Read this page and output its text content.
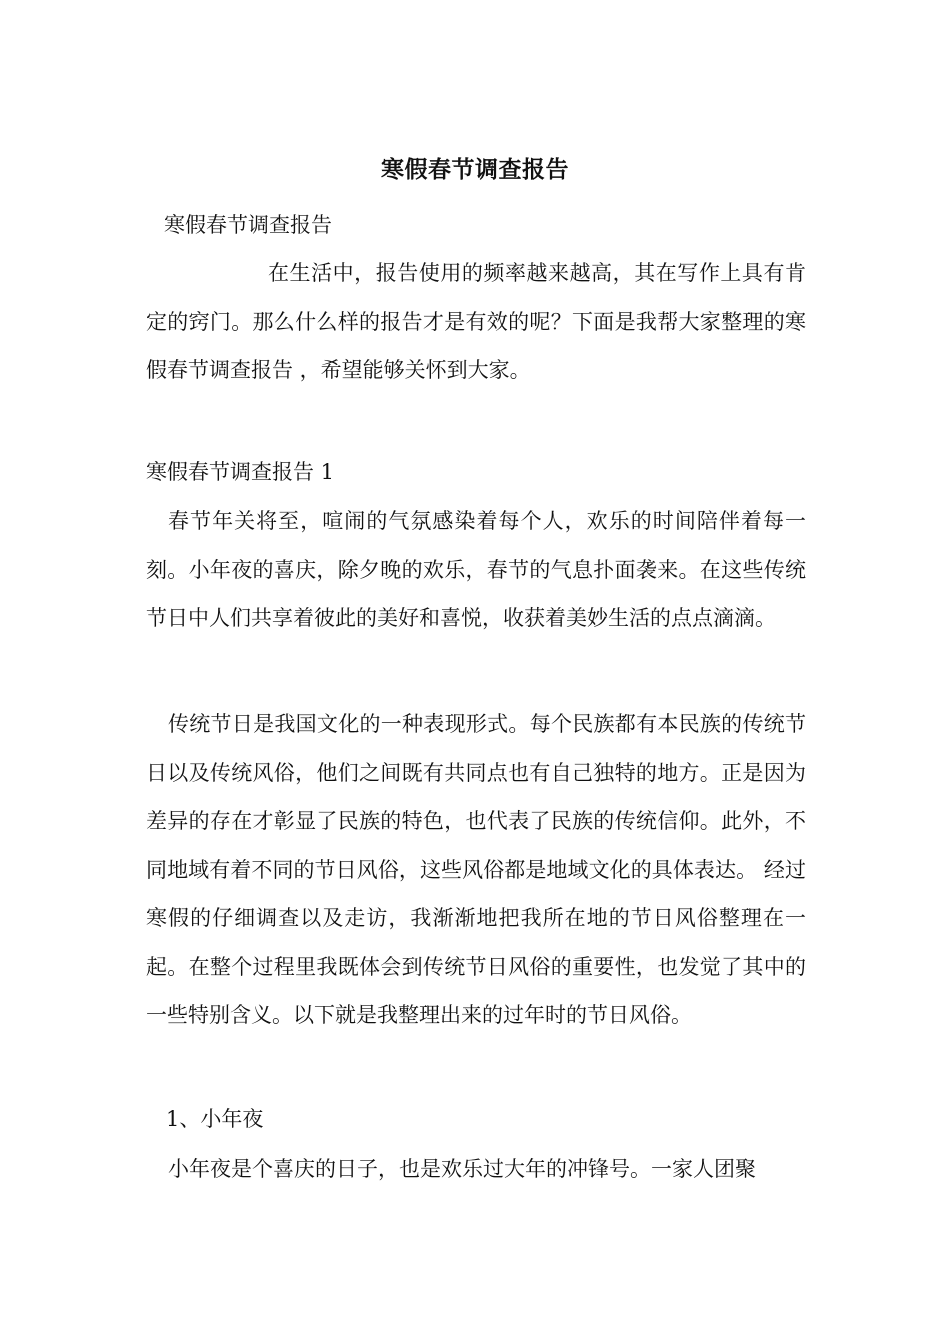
寒假春节调查报告

寒假春节调查报告

在生活中，报告使用的频率越来越高，其在写作上具有肯定的窍门。那么什么样的报告才是有效的呢？下面是我帮大家整理的寒假春节调查报告 ，希望能够关怀到大家。

寒假春节调查报告 1

春节年关将至，喧闹的气氛感染着每个人，欢乐的时间陪伴着每一刻。小年夜的喜庆，除夕晚的欢乐，春节的气息扑面袭来。在这些传统节日中人们共享着彼此的美好和喜悦，收获着美妙生活的点点滴滴。

传统节日是我国文化的一种表现形式。每个民族都有本民族的传统节日以及传统风俗，他们之间既有共同点也有自己独特的地方。正是因为差异的存在才彰显了民族的特色，也代表了民族的传统信仰。此外，不同地域有着不同的节日风俗，这些风俗都是地域文化的具体表达。 经过寒假的仔细调查以及走访，我渐渐地把我所在地的节日风俗整理在一起。在整个过程里我既体会到传统节日风俗的重要性，也发觉了其中的一些特别含义。以下就是我整理出来的过年时的节日风俗。

1、小年夜

小年夜是个喜庆的日子，也是欢乐过大年的冲锋号。一家人团聚
